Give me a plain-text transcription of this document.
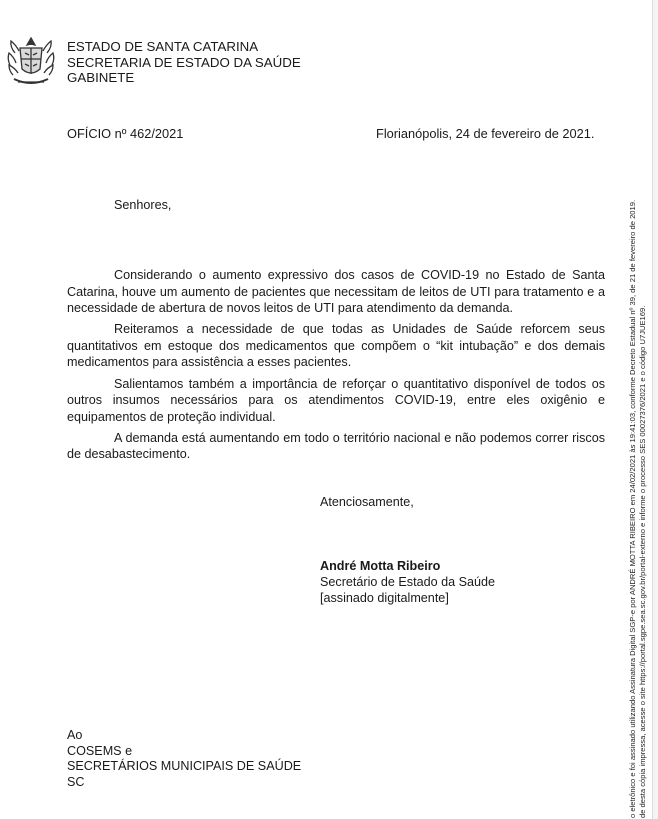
ESTADO DE SANTA CATARINA
SECRETARIA DE ESTADO DA SAÚDE
GABINETE
OFÍCIO nº 462/2021	Florianópolis, 24 de fevereiro de 2021.
Senhores,

Considerando o aumento expressivo dos casos de COVID-19 no Estado de Santa Catarina, houve um aumento de pacientes que necessitam de leitos de UTI para tratamento e a necessidade de abertura de novos leitos de UTI para atendimento da demanda.

Reiteramos a necessidade de que todas as Unidades de Saúde reforcem seus quantitativos em estoque dos medicamentos que compõem o “kit intubação” e dos demais medicamentos para assistência a esses pacientes.

Salientamos também a importância de reforçar o quantitativo disponível de todos os outros insumos necessários para os atendimentos COVID-19, entre eles oxigênio e equipamentos de proteção individual.

A demanda está aumentando em todo o território nacional e não podemos correr riscos de desabastecimento.

Atenciosamente,
André Motta Ribeiro
Secretário de Estado da Saúde
[assinado digitalmente]
Ao
COSEMS e
SECRETÁRIOS MUNICIPAIS DE SAÚDE
SC	o eletrônico e foi assinado utilizando Assinatura Digital SGP-e por ANDRÉ MOTTA RIBEIRO em 24/02/2021 às 19:41:03, conforme Decreto Estadual nº 39, de 21 de fevereiro de 2019. de desta cópia impressa, acesse o site https://portal.sgpe.sea.sc.gov.br/portal-externo e informe o processo SES 00027376/2021 e o código U7JUE169.
